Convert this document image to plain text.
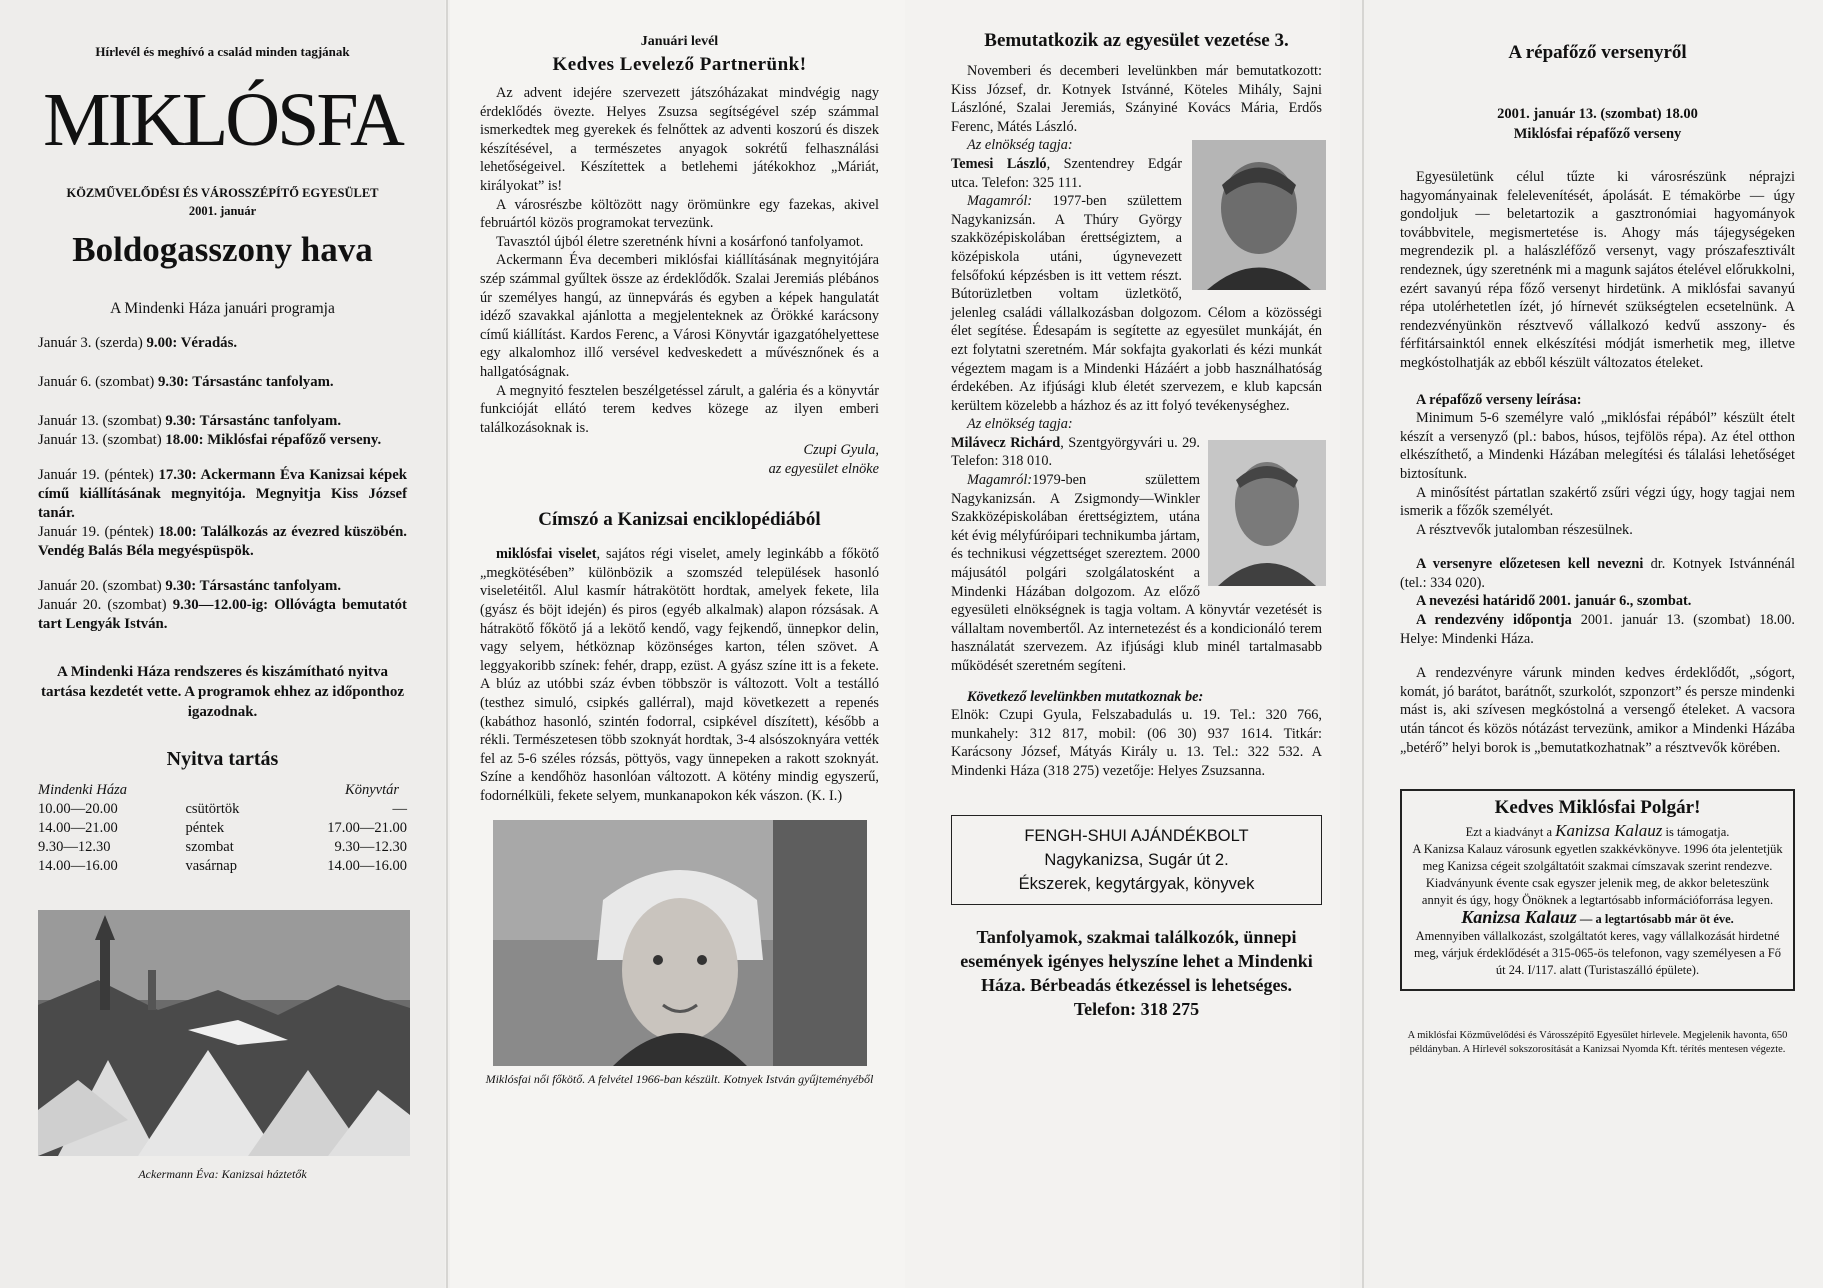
Hírlevél és meghívó a család minden tagjának

MIKLÓSFA

KÖZMŰVELŐDÉSI ÉS VÁROSSZÉPÍTŐ EGYESÜLET
2001. január

Boldogasszony hava

A Mindenki Háza januári programja

Január 3. (szerda) 9.00: Véradás.

Január 6. (szombat) 9.30: Társastánc tanfolyam.

Január 13. (szombat) 9.30: Társastánc tanfolyam.

Január 13. (szombat) 18.00: Miklósfai répafőző verseny.

Január 19. (péntek) 17.30: Ackermann Éva Kanizsai képek című kiállításának megnyitója. Megnyitja Kiss József tanár.

Január 19. (péntek) 18.00: Találkozás az évezred küszöbén. Vendég Balás Béla megyéspüspök.

Január 20. (szombat) 9.30: Társastánc tanfolyam.

Január 20. (szombat) 9.30—12.00-ig: Ollóvágta bemutatót tart Lengyák István.

A Mindenki Háza rendszeres és kiszámítható nyitva tartása kezdetét vette. A programok ehhez az időponthoz igazodnak.

Nyitva tartás

Mindenki Háza		Könyvtár
10.00—20.00	csütörtök	—
14.00—21.00	péntek	17.00—21.00
9.30—12.30	szombat	9.30—12.30
14.00—16.00	vasárnap	14.00—16.00

Ackermann Éva: Kanizsai háztetők

Januári levél

Kedves Levelező Partnerünk!

Az advent idejére szervezett játszóházakat mindvégig nagy érdeklődés övezte. Helyes Zsuzsa segítségével szép számmal ismerkedtek meg gyerekek és felnőttek az adventi koszorú és diszek készítésével, a természetes anyagok sokrétű felhasználási lehetőségeivel. Készítettek a betlehemi játékokhoz „Máriát, királyokat” is!

A városrészbe költözött nagy örömünkre egy fazekas, akivel februártól közös programokat tervezünk.

Tavasztól újból életre szeretnénk hívni a kosárfonó tanfolyamot.

Ackermann Éva decemberi miklósfai kiállításának megnyitójára szép számmal gyűltek össze az érdeklődők. Szalai Jeremiás plébános úr személyes hangú, az ünnepvárás és egyben a képek hangulatát idéző szavakkal ajánlotta a megjelenteknek az Örökké karácsony című kiállítást. Kardos Ferenc, a Városi Könyvtár igazgatóhelyettese egy alkalomhoz illő versével kedveskedett a művésznőnek és a hallgatóságnak.

A megnyitó fesztelen beszélgetéssel zárult, a galéria és a könyvtár funkcióját ellátó terem kedves közege az ilyen emberi találkozásoknak is.

Czupi Gyula,
az egyesület elnöke

Címszó a Kanizsai enciklopédiából

miklósfai viselet, sajátos régi viselet, amely leginkább a főkötő „megkötésében” különbözik a szomszéd települések hasonló viseletéitől. Alul kasmír hátrakötött hordtak, amelyek fekete, lila (gyász és böjt idején) és piros (egyéb alkalmak) alapon rózsásak. A hátrakötő főkötő já a lekötő kendő, vagy fejkendő, ünnepkor delin, vagy selyem, hétköznap közönséges karton, télen szövet. A leggyakoribb színek: fehér, drapp, ezüst. A gyász színe itt is a fekete. A blúz az utóbbi száz évben többször is változott. Volt a testálló (testhez simuló, csipkés gallérral), majd következett a repenés (kabáthoz hasonló, szintén fodorral, csipkével díszített), később a rékli. Természetesen több szoknyát hordtak, 3-4 alsószoknyára vették fel az 5-6 széles rózsás, pöttyös, vagy ünnepeken a rakott szoknyát. Színe a kendőhöz hasonlóan változott. A kötény mindig egyszerű, fodornélküli, fekete selyem, munkanapokon kék vászon. (K. I.)

Miklósfai női főkötő. A felvétel 1966-ban készült. Kotnyek István gyűjteményéből

Bemutatkozik az egyesület vezetése 3.

Novemberi és decemberi levelünkben már bemutatkozott: Kiss József, dr. Kotnyek Istvánné, Köteles Mihály, Sajni Lászlóné, Szalai Jeremiás, Szányiné Kovács Mária, Erdős Ferenc, Mátés László.

Az elnökség tagja:

Temesi László, Szentendrey Edgár utca. Telefon: 325 111.

Magamról: 1977-ben születtem Nagykanizsán. A Thúry György szakközépiskolában érettségiztem, a középiskola utáni, úgynevezett felsőfokú képzésben is itt vettem részt. Bútorüzletben voltam üzletkötő, jelenleg családi vállalkozásban dolgozom. Célom a közösségi élet segítése. Édesapám is segítette az egyesület munkáját, én ezt folytatni szeretném. Már sokfajta gyakorlati és kézi munkát végeztem magam is a Mindenki Házáért a jobb használhatóság érdekében. Az ifjúsági klub életét szervezem, e klub kapcsán kerültem közelebb a házhoz és az itt folyó tevékenységhez.

Az elnökség tagja:

Milávecz Richárd, Szentgyörgyvári u. 29. Telefon: 318 010.

Magamról:1979-ben születtem Nagykanizsán. A Zsigmondy—Winkler Szakközépiskolában érettségiztem, utána két évig mélyfúróipari technikumba jártam, és technikusi végzettséget szereztem. 2000 májusától polgári szolgálatosként a Mindenki Házában dolgozom. Az előző egyesületi elnökségnek is tagja voltam. A könyvtár vezetését is vállaltam novembertől. Az internetezést és a kondicionáló terem használatát szervezem. Az ifjúsági klub minél tartalmasabb működését szeretném segíteni.

Következő levelünkben mutatkoznak be:

Elnök: Czupi Gyula, Felszabadulás u. 19. Tel.: 320 766, munkahely: 312 817, mobil: (06 30) 937 1614. Titkár: Karácsony József, Mátyás Király u. 13. Tel.: 322 532. A Mindenki Háza (318 275) vezetője: Helyes Zsuzsanna.

FENGH-SHUI AJÁNDÉKBOLT
Nagykanizsa, Sugár út 2.
Ékszerek, kegytárgyak, könyvek

Tanfolyamok, szakmai találkozók, ünnepi események igényes helyszíne lehet a Mindenki Háza. Bérbeadás étkezéssel is lehetséges. Telefon: 318 275

A répafőző versenyről

2001. január 13. (szombat) 18.00
Miklósfai répafőző verseny

Egyesületünk célul tűzte ki városrészünk néprajzi hagyományainak felelevenítését, ápolását. E témakörbe — úgy gondoljuk — beletartozik a gasztronómiai hagyományok továbbvitele, megismertetése is. Ahogy más tájegységeken megrendezik pl. a halászléfőző versenyt, vagy prószafesztivált rendeznek, úgy szeretnénk mi a magunk sajátos ételével előrukkolni, ezért savanyú répa főző versenyt hirdetünk. A miklósfai savanyú répa utolérhetetlen ízét, jó hírnevét szükségtelen ecsetelnünk. A rendezvényünkön résztvevő vállalkozó kedvű asszony- és férfitársainktól ennek elkészítési módját ismerhetik meg, illetve megkóstolhatják az ebből készült változatos ételeket.

A répafőző verseny leírása:

Minimum 5-6 személyre való „miklósfai répából” készült ételt készít a versenyző (pl.: babos, húsos, tejfölös répa). Az étel otthon elkészíthető, a Mindenki Házában melegítési és tálalási lehetőséget biztosítunk.

A minősítést pártatlan szakértő zsűri végzi úgy, hogy tagjai nem ismerik a főzők személyét.

A résztvevők jutalomban részesülnek.

A versenyre előzetesen kell nevezni dr. Kotnyek Istvánnénál (tel.: 334 020).

A nevezési határidő 2001. január 6., szombat.

A rendezvény időpontja 2001. január 13. (szombat) 18.00. Helye: Mindenki Háza.

A rendezvényre várunk minden kedves érdeklődőt, „sógort, komát, jó barátot, barátnőt, szurkolót, szponzort” és persze mindenki mást is, aki szívesen megkóstolná a versengő ételeket. A vacsora után táncot és közös nótázást tervezünk, amikor a Mindenki Házába „betérő” helyi borok is „bemutatkozhatnak” a résztvevők körében.

Kedves Miklósfai Polgár!
Ezt a kiadványt a Kanizsa Kalauz is támogatja.
A Kanizsa Kalauz városunk egyetlen szakkévkönyve. 1996 óta jelentetjük meg Kanizsa cégeit szolgáltatóit szakmai címszavak szerint rendezve. Kiadványunk évente csak egyszer jelenik meg, de akkor beleteszünk annyit és úgy, hogy Önöknek a legtartósabb információforrása legyen.
Kanizsa Kalauz — a legtartósabb már öt éve.
Amennyiben vállalkozást, szolgáltatót keres, vagy vállalkozását hirdetné meg, várjuk érdeklődését a 315-065-ös telefonon, vagy személyesen a Fő út 24. I/117. alatt (Turistaszálló épülete).

A miklósfai Közművelődési és Városszépítő Egyesület hírlevele. Megjelenik havonta, 650 példányban. A Hírlevél sokszorosítását a Kanizsai Nyomda Kft. térítés mentesen végezte.
